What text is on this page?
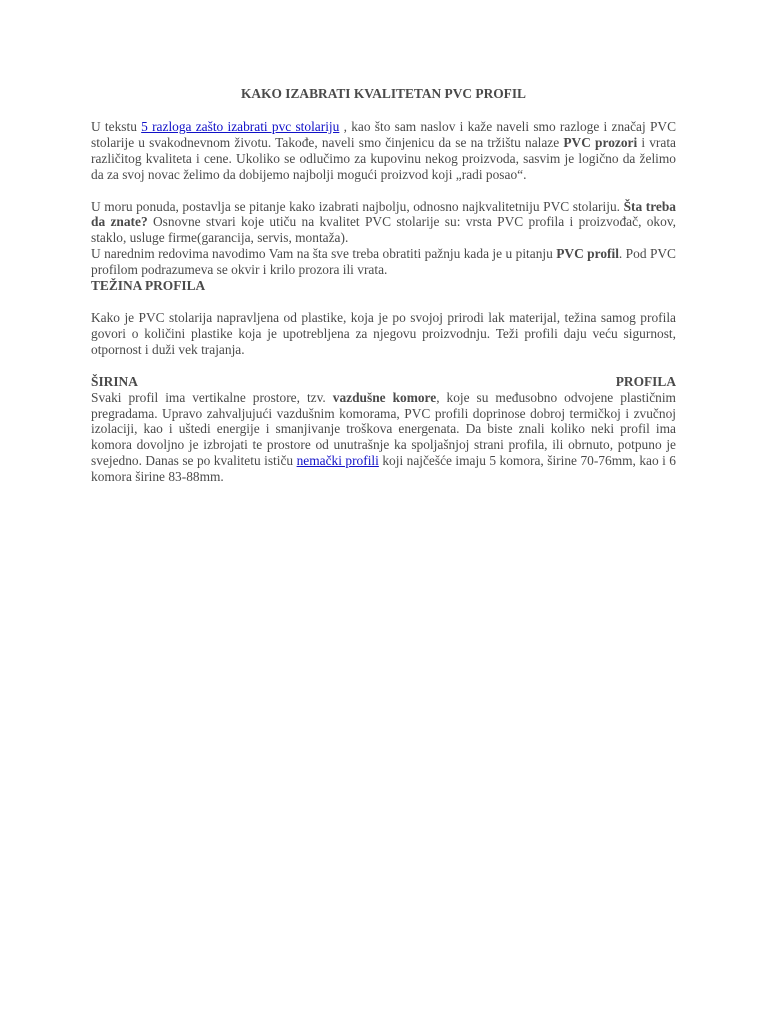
KAKO IZABRATI KVALITETAN PVC PROFIL

U tekstu 5 razloga zašto izabrati pvc stolariju , kao što sam naslov i kaže naveli smo razloge i značaj PVC stolarije u svakodnevnom životu. Takođe, naveli smo činjenicu da se na tržištu nalaze PVC prozori i vrata različitog kvaliteta i cene. Ukoliko se odlučimo za kupovinu nekog proizvoda, sasvim je logično da želimo da za svoj novac želimo da dobijemo najbolji mogući proizvod koji „radi posao“.

U moru ponuda, postavlja se pitanje kako izabrati najbolju, odnosno najkvalitetniju PVC stolariju. Šta treba da znate? Osnovne stvari koje utiču na kvalitet PVC stolarije su: vrsta PVC profila i proizvođač, okov, staklo, usluge firme(garancija, servis, montaža).
U narednim redovima navodimo Vam na šta sve treba obratiti pažnju kada je u pitanju PVC profil. Pod PVC profilom podrazumeva se okvir i krilo prozora ili vrata.

TEŽINA PROFILA

Kako je PVC stolarija napravljena od plastike, koja je po svojoj prirodi lak materijal, težina samog profila govori o količini plastike koja je upotrebljena za njegovu proizvodnju. Teži profili daju veću sigurnost, otpornost i duži vek trajanja.

ŠIRINA	PROFILA

Svaki profil ima vertikalne prostore, tzv. vazdušne komore, koje su međusobno odvojene plastičnim pregradama. Upravo zahvaljujući vazdušnim komorama, PVC profili doprinose dobroj termičkoj i zvučnoj izolaciji, kao i uštedi energije i smanjivanje troškova energenata. Da biste znali koliko neki profil ima komora dovoljno je izbrojati te prostore od unutrašnje ka spoljašnjoj strani profila, ili obrnuto, potpuno je svejedno. Danas se po kvalitetu ističu nemački profili koji najčešće imaju 5 komora, širine 70-76mm, kao i 6 komora širine 83-88mm.
